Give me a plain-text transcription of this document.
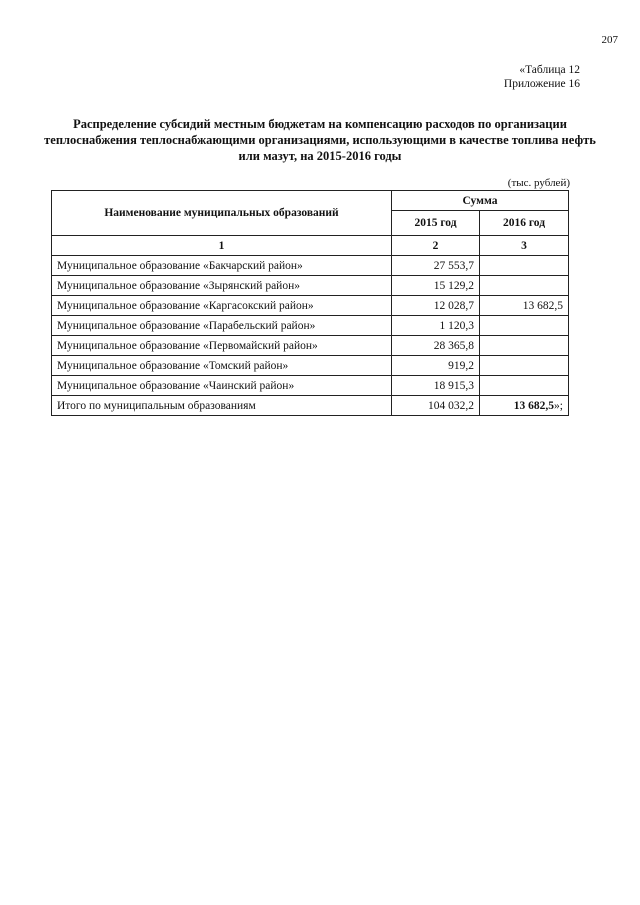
207
«Таблица 12
Приложение 16
Распределение субсидий местным бюджетам на компенсацию расходов по организации теплоснабжения теплоснабжающими организациями, использующими в качестве топлива нефть или мазут, на 2015-2016 годы
(тыс. рублей)
Наименование муниципальных образований	Сумма	
	2015 год	2016 год
1	2	3
Муниципальное образование «Бакчарский район»	27 553,7	
Муниципальное образование «Зырянский район»	15 129,2	
Муниципальное образование «Каргасокский район»	12 028,7	13 682,5
Муниципальное образование «Парабельский район»	1 120,3	
Муниципальное образование «Первомайский район»	28 365,8	
Муниципальное образование «Томский район»	919,2	
Муниципальное образование «Чаинский район»	18 915,3	
Итого по муниципальным образованиям	104 032,2	13 682,5»;
